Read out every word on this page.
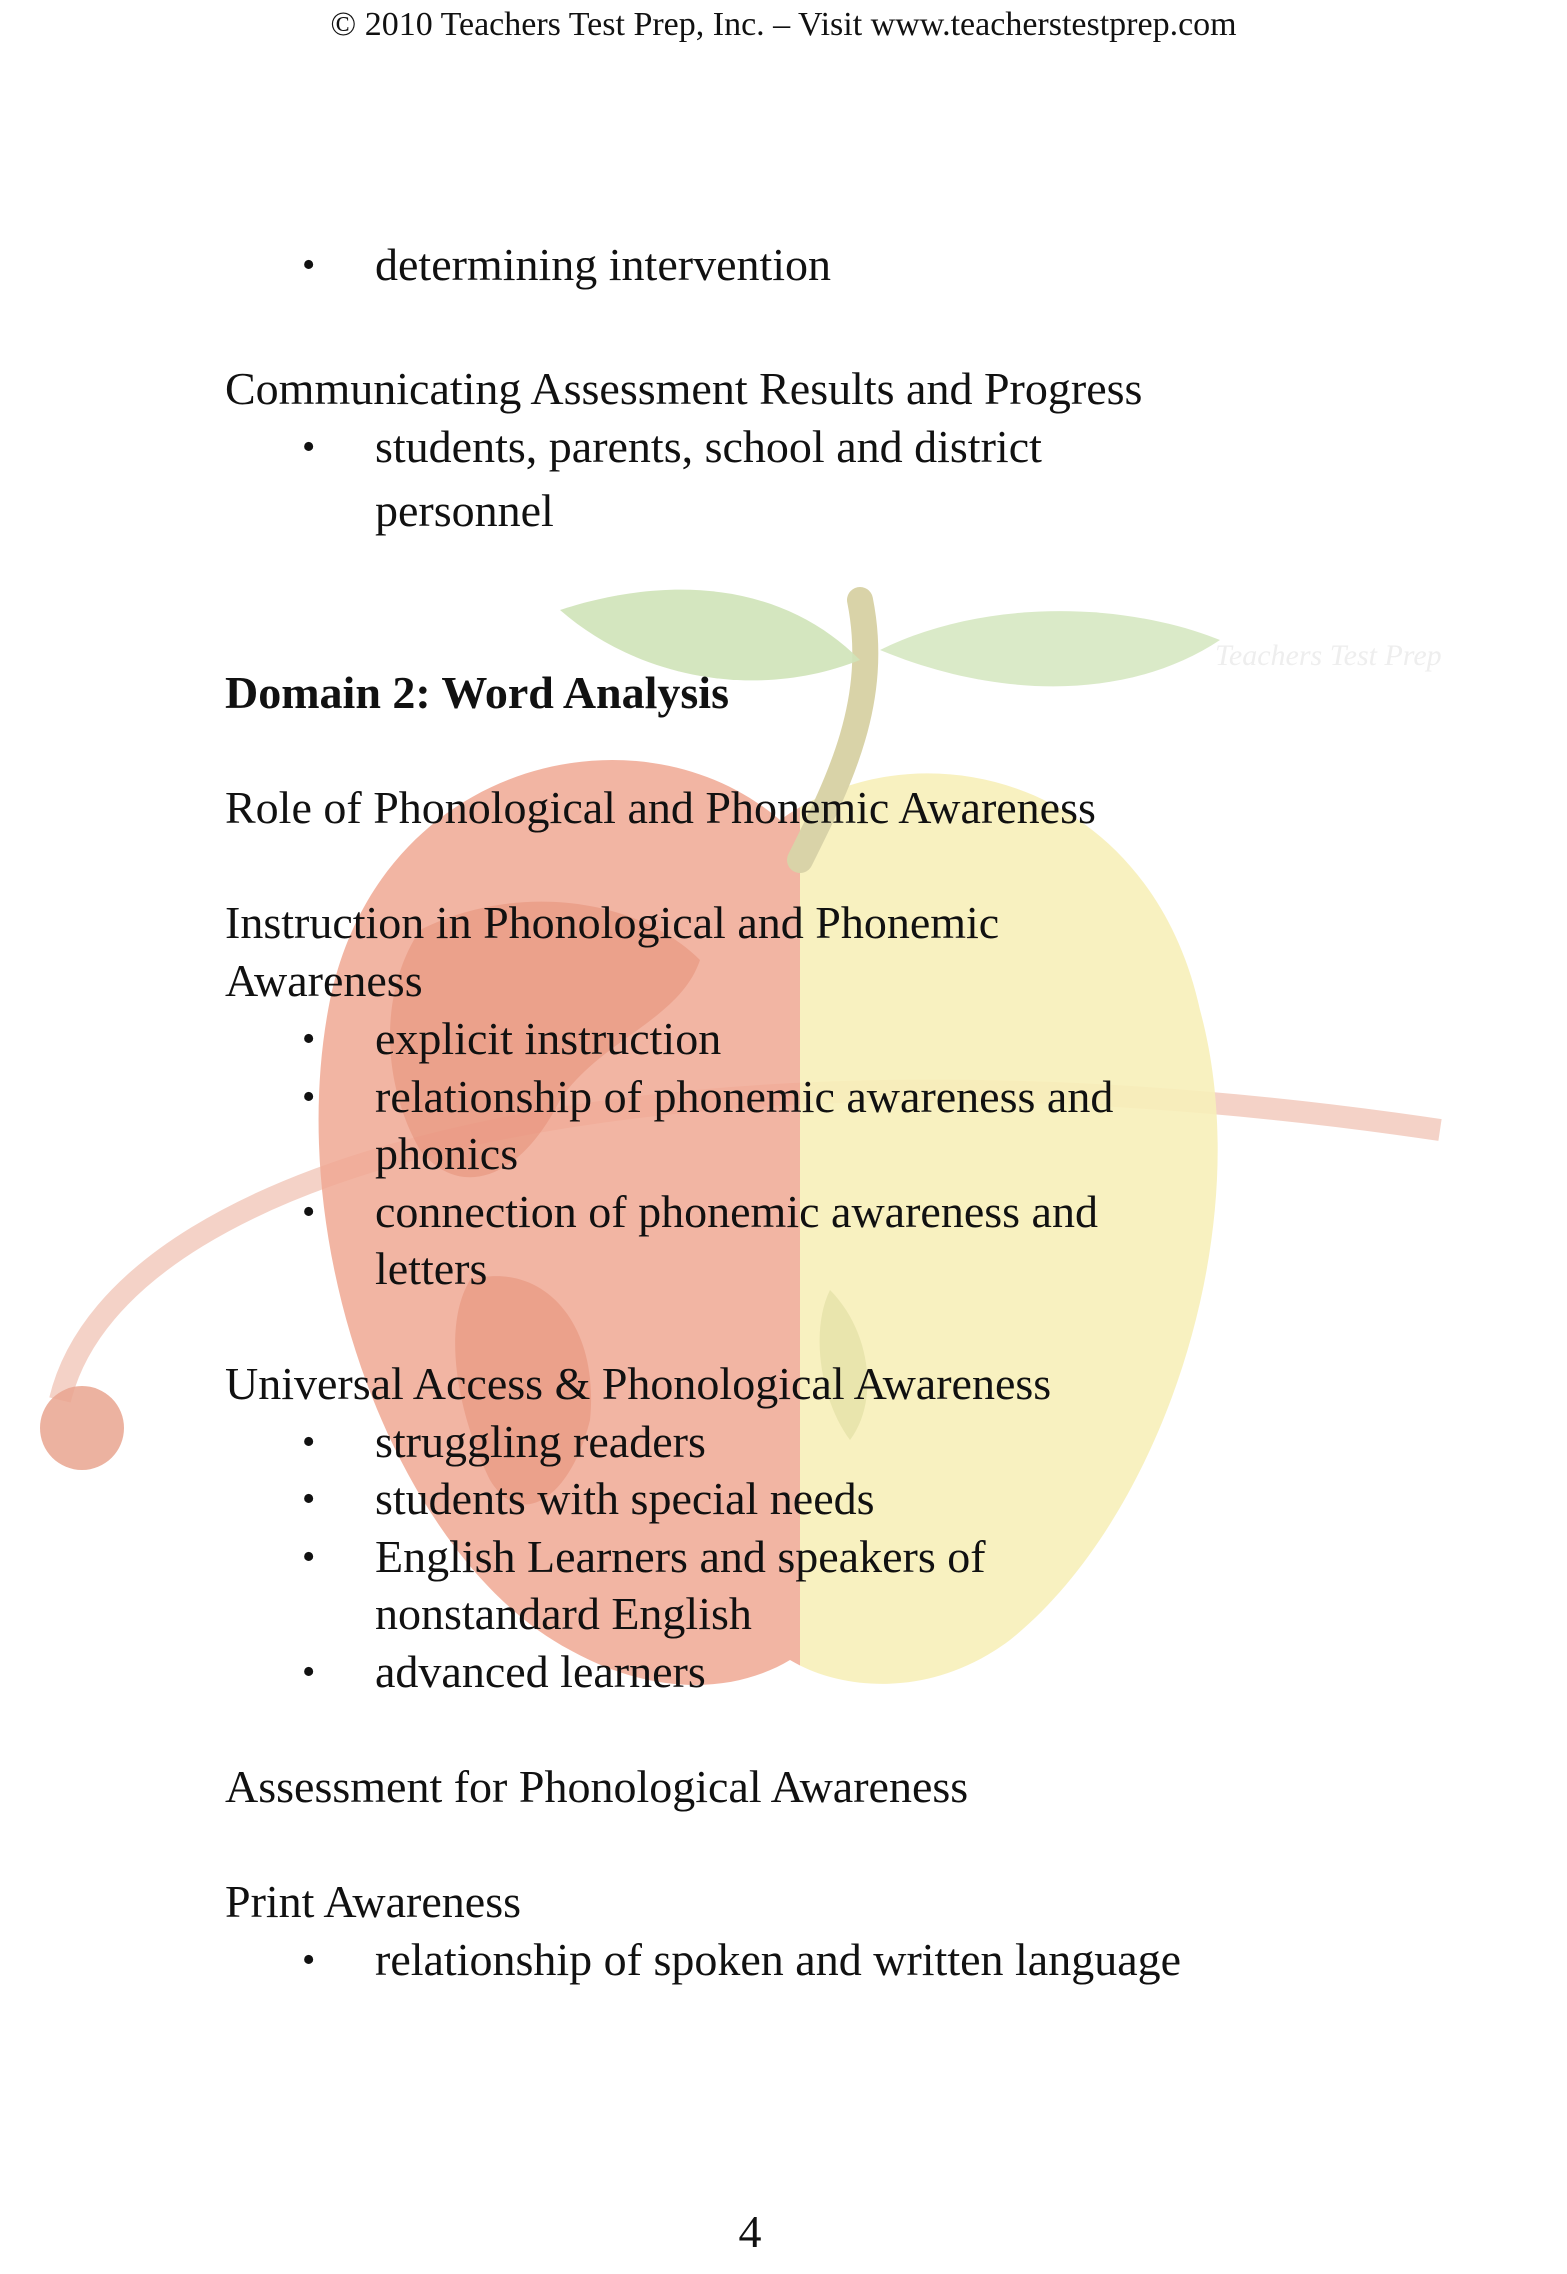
Teachers Test Prep
© 2010 Teachers Test Prep, Inc. – Visit www.teacherstestprep.com
• determining intervention
Communicating Assessment Results and Progress
• students, parents, school and district
personnel
Domain 2: Word Analysis
Role of Phonological and Phonemic Awareness
Instruction in Phonological and Phonemic Awareness
• explicit instruction
• relationship of phonemic awareness and
phonics
• connection of phonemic awareness and
letters
Universal Access & Phonological Awareness
• struggling readers
• students with special needs
• English Learners and speakers of
nonstandard English
• advanced learners
Assessment for Phonological Awareness
Print Awareness
• relationship of spoken and written language
4
